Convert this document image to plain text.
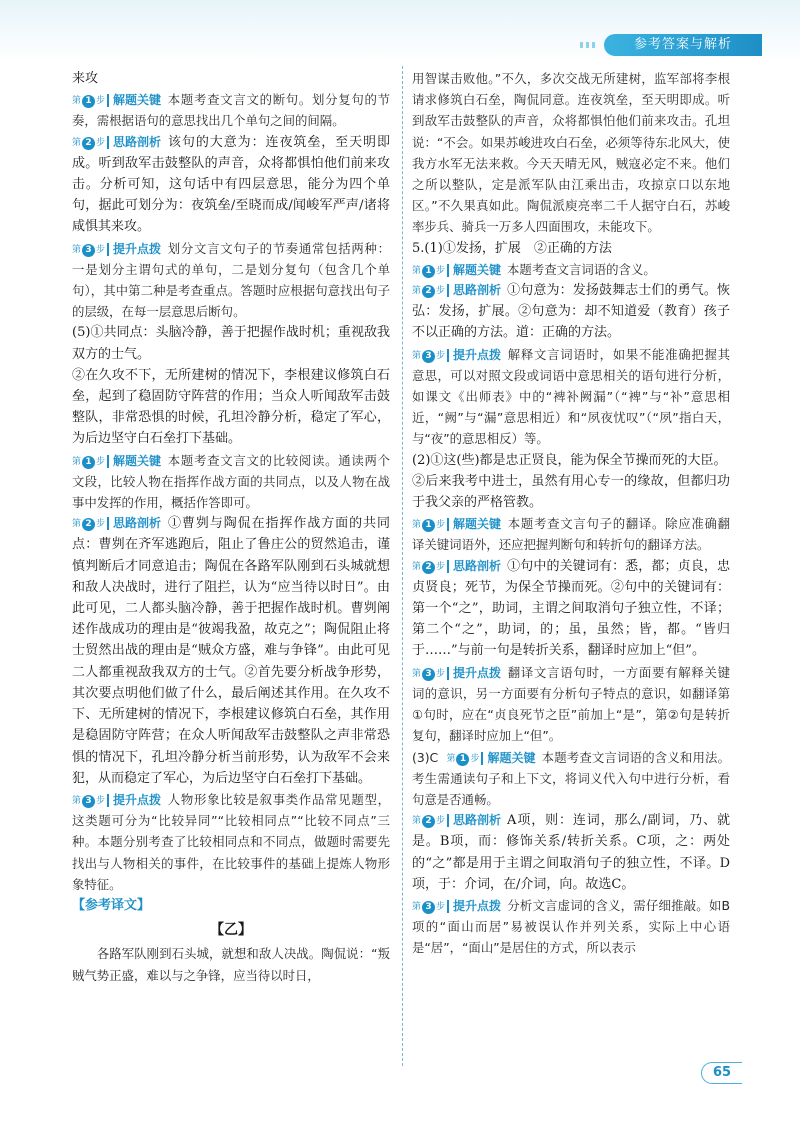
参考答案与解析

来攻

第 1 步 解题关键 本题考查文言文的断句。划分复句的节奏，需根据语句的意思找出几个单句之间的间隔。

第 2 步 思路剖析 该句的大意为：连夜筑垒，至天明即成。听到敌军击鼓整队的声音，众将都惧怕他们前来攻击。分析可知，这句话中有四层意思，能分为四个单句，据此可划分为：夜筑垒/至晓而成/闻峻军严声/诸将咸惧其来攻。

第 3 步 提升点拨 划分文言文句子的节奏通常包括两种：一是划分主谓句式的单句，二是划分复句（包含几个单句），其中第二种是考查重点。答题时应根据句意找出句子的层级，在每一层意思后断句。

(5)①共同点：头脑冷静，善于把握作战时机；重视敌我双方的士气。

②在久攻不下，无所建树的情况下，李根建议修筑白石垒，起到了稳固防守阵营的作用；当众人听闻敌军击鼓整队，非常恐惧的时候，孔坦冷静分析，稳定了军心，为后边坚守白石垒打下基础。

第 1 步 解题关键 本题考查文言文的比较阅读。通读两个文段，比较人物在指挥作战方面的共同点，以及人物在战事中发挥的作用，概括作答即可。

第 2 步 思路剖析 ①曹刿与陶侃在指挥作战方面的共同点：曹刿在齐军逃跑后，阻止了鲁庄公的贸然追击，谨慎判断后才同意追击；陶侃在各路军队刚到石头城就想和敌人决战时，进行了阻拦，认为“应当待以时日”。由此可见，二人都头脑冷静，善于把握作战时机。曹刿阐述作战成功的理由是“彼竭我盈，故克之”；陶侃阻止将士贸然出战的理由是“贼众方盛，难与争锋”。由此可见二人都重视敌我双方的士气。②首先要分析战争形势，其次要点明他们做了什么，最后阐述其作用。在久攻不下、无所建树的情况下，李根建议修筑白石垒，其作用是稳固防守阵营；在众人听闻敌军击鼓整队之声非常恐惧的情况下，孔坦冷静分析当前形势，认为敌军不会来犯，从而稳定了军心，为后边坚守白石垒打下基础。

第 3 步 提升点拨 人物形象比较是叙事类作品常见题型，这类题可分为“比较异同”“比较相同点”“比较不同点”三种。本题分别考查了比较相同点和不同点，做题时需要先找出与人物相关的事件，在比较事件的基础上提炼人物形象特征。

【参考译文】

【乙】

各路军队刚到石头城，就想和敌人决战。陶侃说：“叛贼气势正盛，难以与之争锋，应当待以时日，

用智谋击败他。”不久，多次交战无所建树，监军部将李根请求修筑白石垒，陶侃同意。连夜筑垒，至天明即成。听到敌军击鼓整队的声音，众将都惧怕他们前来攻击。孔坦说：“不会。如果苏峻进攻白石垒，必须等待东北风大，使我方水军无法来救。今天天晴无风，贼寇必定不来。他们之所以整队，定是派军队由江乘出击，攻掠京口以东地区。”不久果真如此。陶侃派庾亮率二千人据守白石，苏峻率步兵、骑兵一万多人四面围攻，未能攻下。

5.(1)①发扬，扩展　②正确的方法

第 1 步 解题关键 本题考查文言词语的含义。

第 2 步 思路剖析 ①句意为：发扬鼓舞志士们的勇气。恢弘：发扬，扩展。②句意为：却不知道爱（教育）孩子不以正确的方法。道：正确的方法。

第 3 步 提升点拨 解释文言词语时，如果不能准确把握其意思，可以对照文段或词语中意思相关的语句进行分析，如课文《出师表》中的“裨补阙漏”（“裨”与“补”意思相近，“阙”与“漏”意思相近）和“夙夜忧叹”（“夙”指白天，与“夜”的意思相反）等。

(2)①这(些)都是忠正贤良，能为保全节操而死的大臣。

②后来我考中进士，虽然有用心专一的缘故，但都归功于我父亲的严格管教。

第 1 步 解题关键 本题考查文言句子的翻译。除应准确翻译关键词语外，还应把握判断句和转折句的翻译方法。

第 2 步 思路剖析 ①句中的关键词有：悉，都；贞良，忠贞贤良；死节，为保全节操而死。②句中的关键词有：第一个“之”，助词，主谓之间取消句子独立性，不译；第二个“之”，助词，的；虽，虽然；皆，都。“皆归于……”与前一句是转折关系，翻译时应加上“但”。

第 3 步 提升点拨 翻译文言语句时，一方面要有解释关键词的意识，另一方面要有分析句子特点的意识，如翻译第①句时，应在“贞良死节之臣”前加上“是”，第②句是转折复句，翻译时应加上“但”。

(3)C 第 1 步 解题关键 本题考查文言词语的含义和用法。考生需通读句子和上下文，将词义代入句中进行分析，看句意是否通畅。

第 2 步 思路剖析 A项，则：连词，那么/副词，乃、就是。B项，而：修饰关系/转折关系。C项，之：两处的“之”都是用于主谓之间取消句子的独立性，不译。D项，于：介词，在/介词，向。故选C。

第 3 步 提升点拨 分析文言虚词的含义，需仔细推敲。如B项的“面山而居”易被误认作并列关系，实际上中心语是“居”，“面山”是居住的方式，所以表示

65
